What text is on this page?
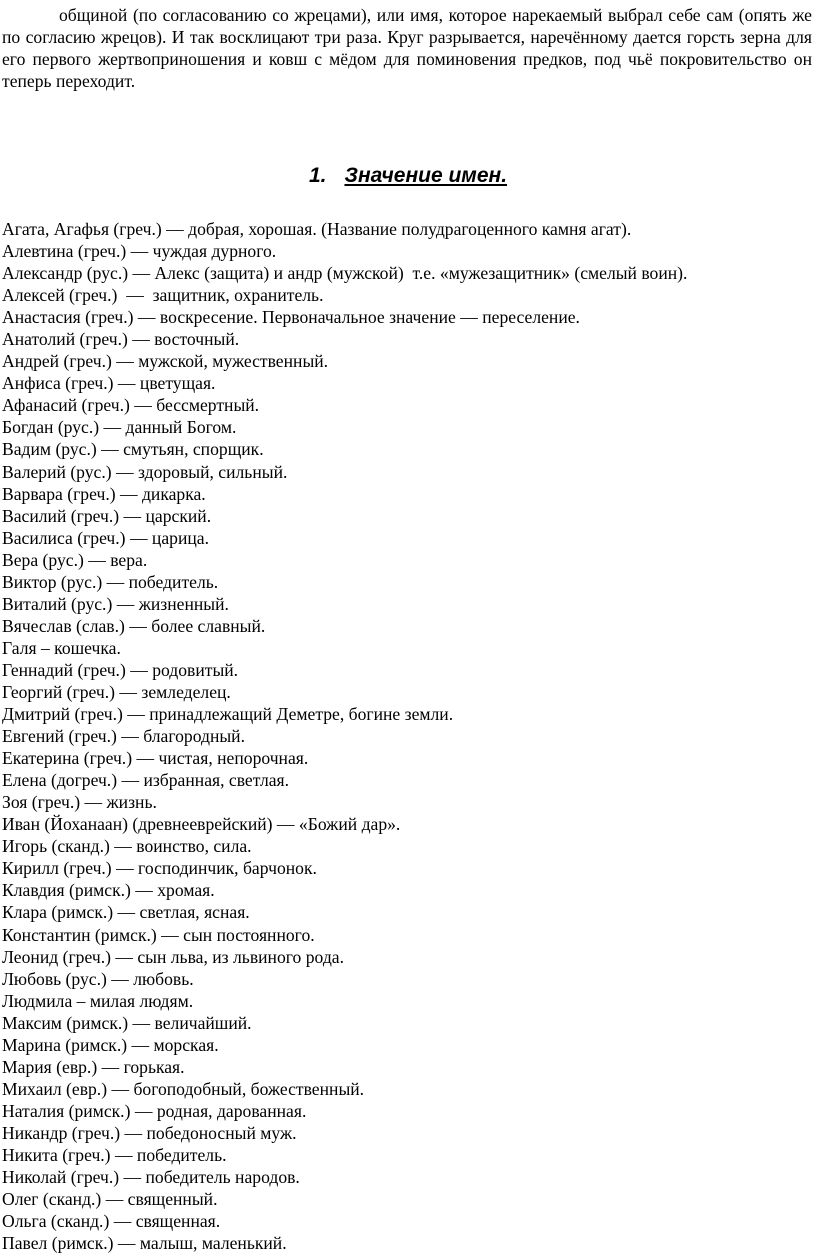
общиной (по согласованию со жрецами), или имя, которое нарекаемый выбрал себе сам (опять же по согласию жрецов). И так восклицают три раза. Круг разрывается, наречённому дается горсть зерна для его первого жертвоприношения и ковш с мёдом для поминовения предков, под чьё покровительство он теперь переходит.

1. Значение имен.
Агата, Агафья (греч.) — добрая, хорошая. (Название полудрагоценного камня агат).
Алевтина (греч.) — чуждая дурного.
Александр (рус.) — Алекс (защита) и андр (мужской)  т.е. «мужезащитник» (смелый воин).
Алексей (греч.)  —  защитник, охранитель.
Анастасия (греч.) — воскресение. Первоначальное значение — переселение.
Анатолий (греч.) — восточный.
Андрей (греч.) — мужской, мужественный.
Анфиса (греч.) — цветущая.
Афанасий (греч.) — бессмертный.
Богдан (рус.) — данный Богом.
Вадим (рус.) — смутьян, спорщик.
Валерий (рус.) — здоровый, сильный.
Варвара (греч.) — дикарка.
Василий (греч.) — царский.
Василиса (греч.) — царица.
Вера (рус.) — вера.
Виктор (рус.) — победитель.
Виталий (рус.) — жизненный.
Вячеслав (слав.) — более славный.
Галя – кошечка.
Геннадий (греч.) — родовитый.
Георгий (греч.) — земледелец.
Дмитрий (греч.) — принадлежащий Деметре, богине земли.
Евгений (греч.) — благородный.
Екатерина (греч.) — чистая, непорочная.
Елена (догреч.) — избранная, светлая.
Зоя (греч.) — жизнь.
Иван (Йоханаан) (древнееврейский) — «Божий дар».
Игорь (сканд.) — воинство, сила.
Кирилл (греч.) — господинчик, барчонок.
Клавдия (римск.) — хромая.
Клара (римск.) — светлая, ясная.
Константин (римск.) — сын постоянного.
Леонид (греч.) — сын льва, из львиного рода.
Любовь (рус.) — любовь.
Людмила – милая людям.
Максим (римск.) — величайший.
Марина (римск.) — морская.
Мария (евр.) — горькая.
Михаил (евр.) — богоподобный, божественный.
Наталия (римск.) — родная, дарованная.
Никандр (греч.) — победоносный муж.
Никита (греч.) — победитель.
Николай (греч.) — победитель народов.
Олег (сканд.) — священный.
Ольга (сканд.) — священная.
Павел (римск.) — малыш, маленький.
